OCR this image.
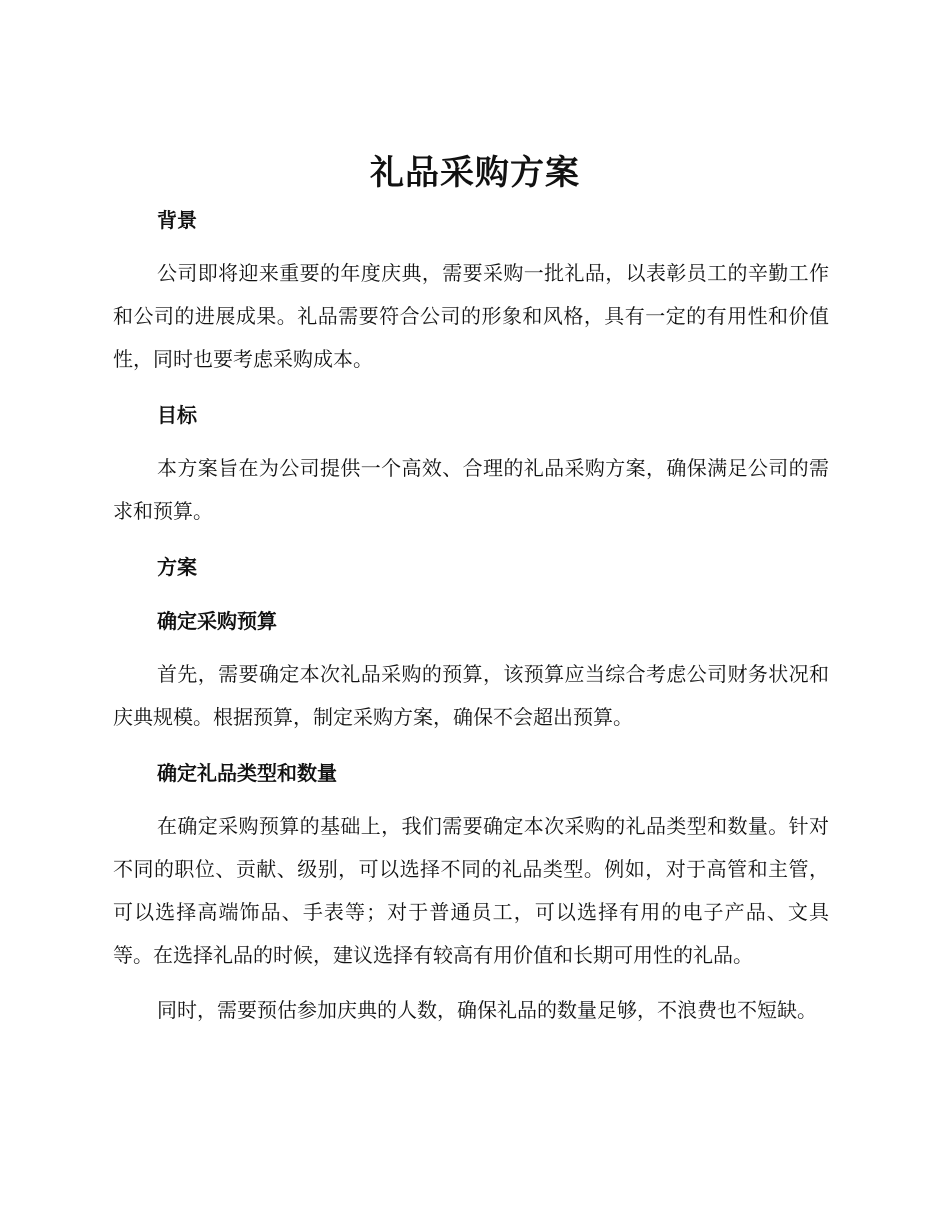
礼品采购方案

背景

公司即将迎来重要的年度庆典，需要采购一批礼品，以表彰员工的辛勤工作和公司的进展成果。礼品需要符合公司的形象和风格，具有一定的有用性和价值性，同时也要考虑采购成本。

目标

本方案旨在为公司提供一个高效、合理的礼品采购方案，确保满足公司的需求和预算。

方案

确定采购预算

首先，需要确定本次礼品采购的预算，该预算应当综合考虑公司财务状况和庆典规模。根据预算，制定采购方案，确保不会超出预算。

确定礼品类型和数量

在确定采购预算的基础上，我们需要确定本次采购的礼品类型和数量。针对不同的职位、贡献、级别，可以选择不同的礼品类型。例如，对于高管和主管，可以选择高端饰品、手表等；对于普通员工，可以选择有用的电子产品、文具等。在选择礼品的时候，建议选择有较高有用价值和长期可用性的礼品。

同时，需要预估参加庆典的人数，确保礼品的数量足够，不浪费也不短缺。
